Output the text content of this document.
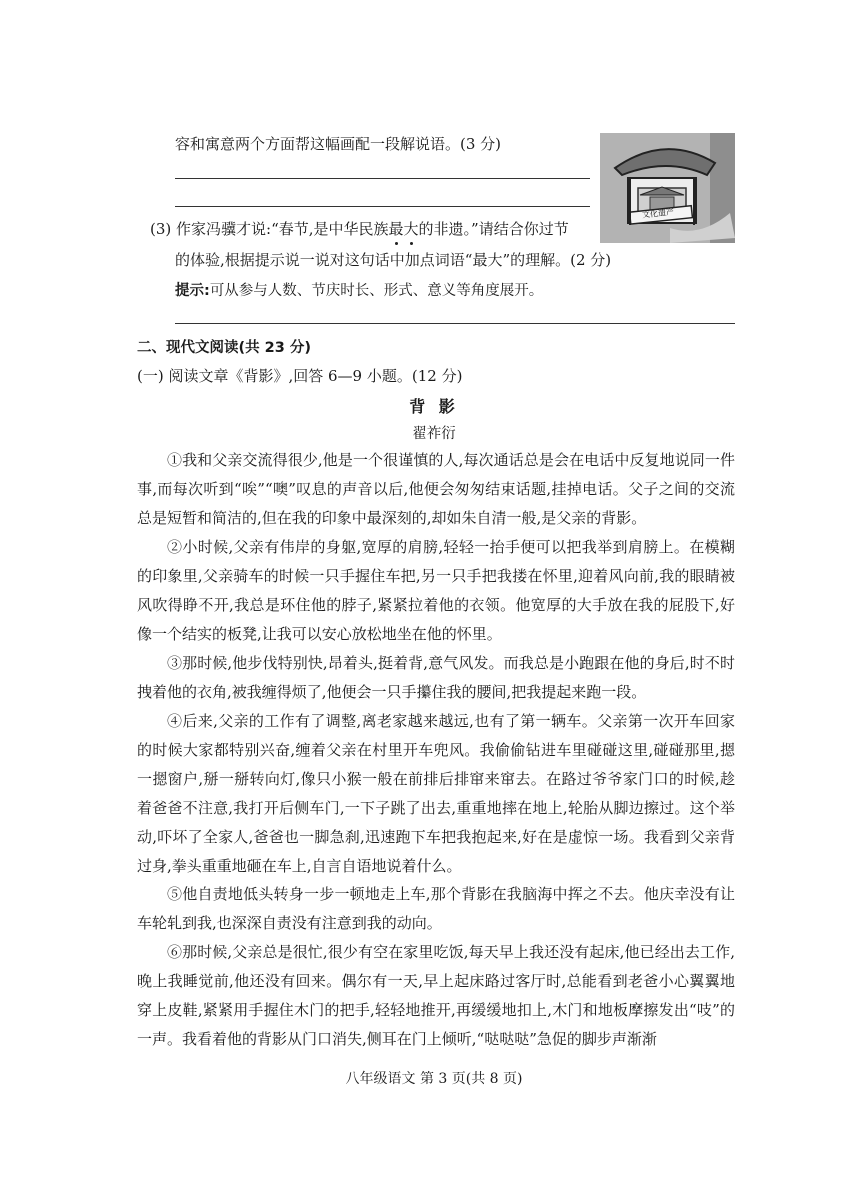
容和寓意两个方面帮这幅画配一段解说语。(3 分)
文化遗产
(3) 作家冯骥才说:“春节,是中华民族最大的非遗。”请结合你过节
的体验,根据提示说一说对这句话中加点词语“最大”的理解。(2 分)
提示:可从参与人数、节庆时长、形式、意义等角度展开。
二、现代文阅读(共 23 分)
(一) 阅读文章《背影》,回答 6—9 小题。(12 分)
背 影
翟祚衍
①我和父亲交流得很少,他是一个很谨慎的人,每次通话总是会在电话中反复地说同一件事,而每次听到“唉”“噢”叹息的声音以后,他便会匆匆结束话题,挂掉电话。父子之间的交流总是短暂和简洁的,但在我的印象中最深刻的,却如朱自清一般,是父亲的背影。
②小时候,父亲有伟岸的身躯,宽厚的肩膀,轻轻一抬手便可以把我举到肩膀上。在模糊的印象里,父亲骑车的时候一只手握住车把,另一只手把我搂在怀里,迎着风向前,我的眼睛被风吹得睁不开,我总是环住他的脖子,紧紧拉着他的衣领。他宽厚的大手放在我的屁股下,好像一个结实的板凳,让我可以安心放松地坐在他的怀里。
③那时候,他步伐特别快,昂着头,挺着背,意气风发。而我总是小跑跟在他的身后,时不时拽着他的衣角,被我缠得烦了,他便会一只手攥住我的腰间,把我提起来跑一段。
④后来,父亲的工作有了调整,离老家越来越远,也有了第一辆车。父亲第一次开车回家的时候大家都特别兴奋,缠着父亲在村里开车兜风。我偷偷钻进车里碰碰这里,碰碰那里,摁一摁窗户,掰一掰转向灯,像只小猴一般在前排后排窜来窜去。在路过爷爷家门口的时候,趁着爸爸不注意,我打开后侧车门,一下子跳了出去,重重地摔在地上,轮胎从脚边擦过。这个举动,吓坏了全家人,爸爸也一脚急刹,迅速跑下车把我抱起来,好在是虚惊一场。我看到父亲背过身,拳头重重地砸在车上,自言自语地说着什么。
⑤他自责地低头转身一步一顿地走上车,那个背影在我脑海中挥之不去。他庆幸没有让车轮轧到我,也深深自责没有注意到我的动向。
⑥那时候,父亲总是很忙,很少有空在家里吃饭,每天早上我还没有起床,他已经出去工作,晚上我睡觉前,他还没有回来。偶尔有一天,早上起床路过客厅时,总能看到老爸小心翼翼地穿上皮鞋,紧紧用手握住木门的把手,轻轻地推开,再缓缓地扣上,木门和地板摩擦发出“吱”的一声。我看着他的背影从门口消失,侧耳在门上倾听,“哒哒哒”急促的脚步声渐渐
八年级语文 第 3 页(共 8 页)
